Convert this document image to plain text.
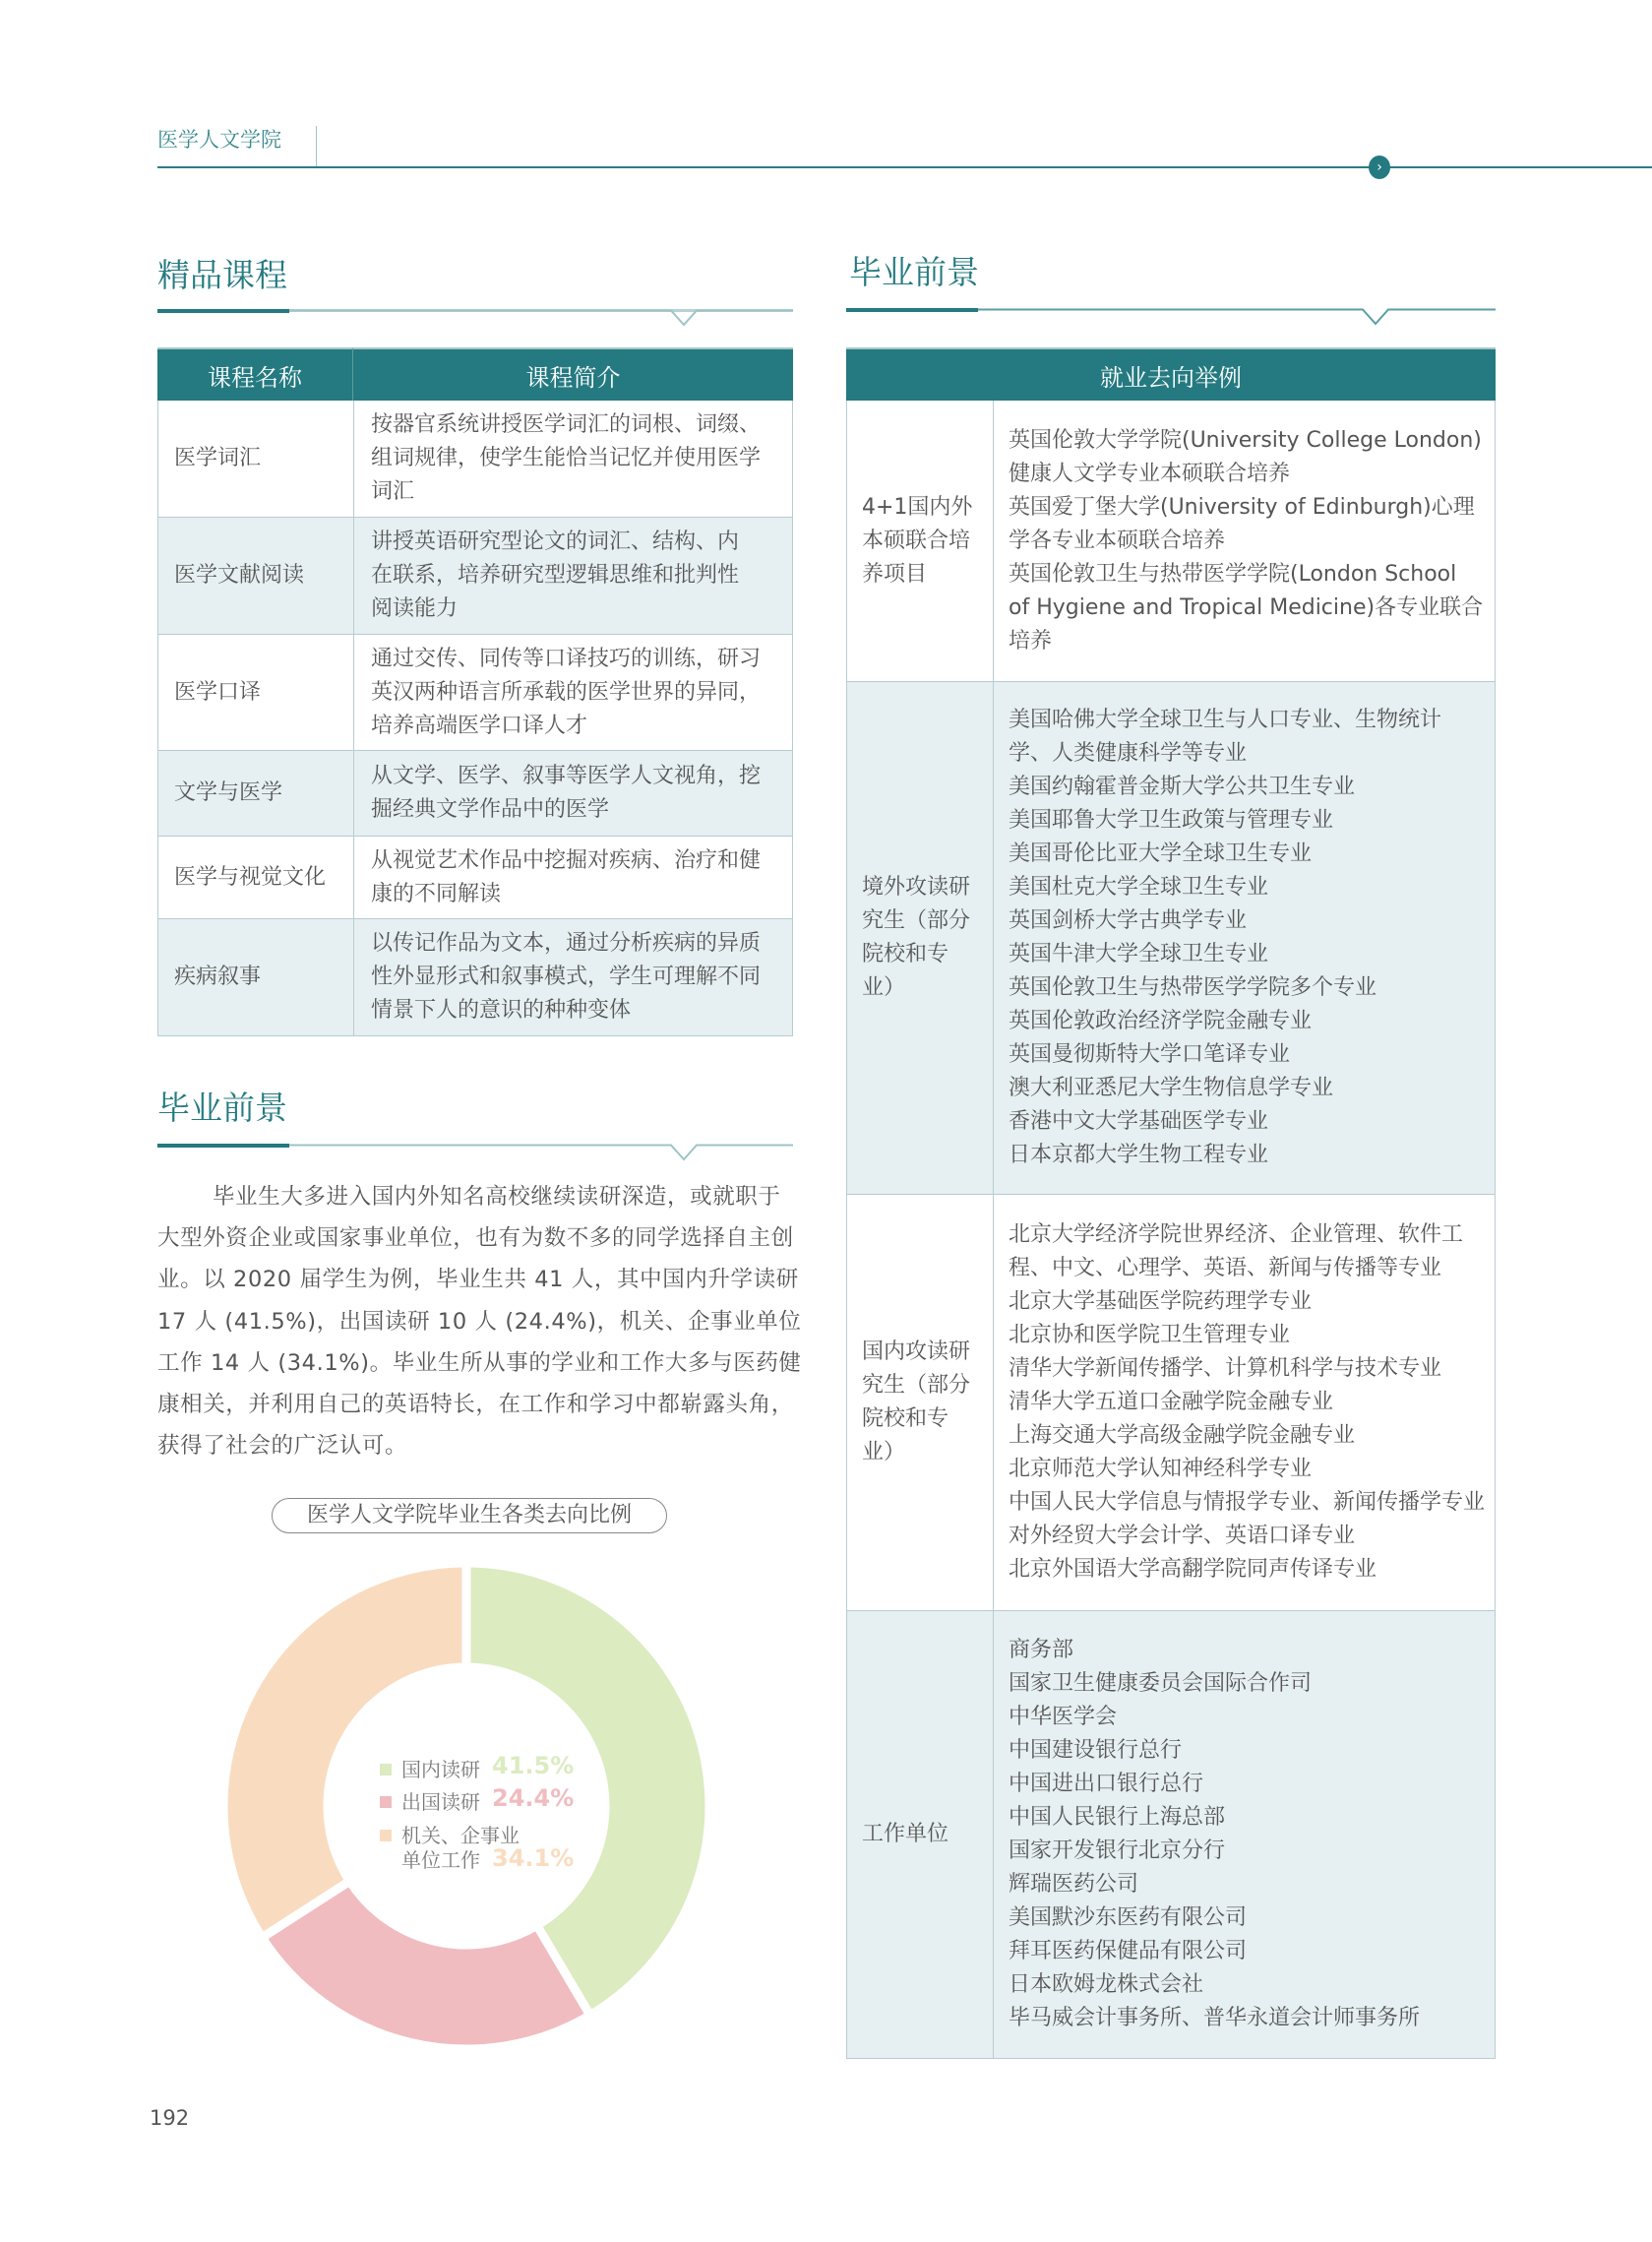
医学人文学院
›
精品课程
课程名称	课程简介
医学词汇
按器官系统讲授医学词汇的词根、词缀、
组词规律，使学生能恰当记忆并使用医学
词汇
医学文献阅读
讲授英语研究型论文的词汇、结构、内
在联系，培养研究型逻辑思维和批判性
阅读能力
医学口译
通过交传、同传等口译技巧的训练，研习
英汉两种语言所承载的医学世界的异同，
培养高端医学口译人才
文学与医学
从文学、医学、叙事等医学人文视角，挖
掘经典文学作品中的医学
医学与视觉文化
从视觉艺术作品中挖掘对疾病、治疗和健
康的不同解读
疾病叙事
以传记作品为文本，通过分析疾病的异质
性外显形式和叙事模式，学生可理解不同
情景下人的意识的种种变体
毕业前景
毕业生大多进入国内外知名高校继续读研深造，或就职于
大型外资企业或国家事业单位，也有为数不多的同学选择自主创
业。以 2020 届学生为例，毕业生共 41 人，其中国内升学读研
17 人 (41.5%)，出国读研 10 人 (24.4%)，机关、企事业单位
工作 14 人 (34.1%)。毕业生所从事的学业和工作大多与医药健
康相关，并利用自己的英语特长，在工作和学习中都崭露头角，
获得了社会的广泛认可。
医学人文学院毕业生各类去向比例
国内读研 41.5%
出国读研 24.4%
机关、企事业
单位工作 34.1%
192
毕业前景
就业去向举例
4+1国内外
本硕联合培
养项目
英国伦敦大学学院(University College London)
健康人文学专业本硕联合培养
英国爱丁堡大学(University of Edinburgh)心理
学各专业本硕联合培养
英国伦敦卫生与热带医学学院(London School
of Hygiene and Tropical Medicine)各专业联合
培养
境外攻读研
究生（部分
院校和专
业）
美国哈佛大学全球卫生与人口专业、生物统计
学、人类健康科学等专业
美国约翰霍普金斯大学公共卫生专业
美国耶鲁大学卫生政策与管理专业
美国哥伦比亚大学全球卫生专业
美国杜克大学全球卫生专业
英国剑桥大学古典学专业
英国牛津大学全球卫生专业
英国伦敦卫生与热带医学学院多个专业
英国伦敦政治经济学院金融专业
英国曼彻斯特大学口笔译专业
澳大利亚悉尼大学生物信息学专业
香港中文大学基础医学专业
日本京都大学生物工程专业
国内攻读研
究生（部分
院校和专
业）
北京大学经济学院世界经济、企业管理、软件工
程、中文、心理学、英语、新闻与传播等专业
北京大学基础医学院药理学专业
北京协和医学院卫生管理专业
清华大学新闻传播学、计算机科学与技术专业
清华大学五道口金融学院金融专业
上海交通大学高级金融学院金融专业
北京师范大学认知神经科学专业
中国人民大学信息与情报学专业、新闻传播学专业
对外经贸大学会计学、英语口译专业
北京外国语大学高翻学院同声传译专业
工作单位
商务部
国家卫生健康委员会国际合作司
中华医学会
中国建设银行总行
中国进出口银行总行
中国人民银行上海总部
国家开发银行北京分行
辉瑞医药公司
美国默沙东医药有限公司
拜耳医药保健品有限公司
日本欧姆龙株式会社
毕马威会计事务所、普华永道会计师事务所
